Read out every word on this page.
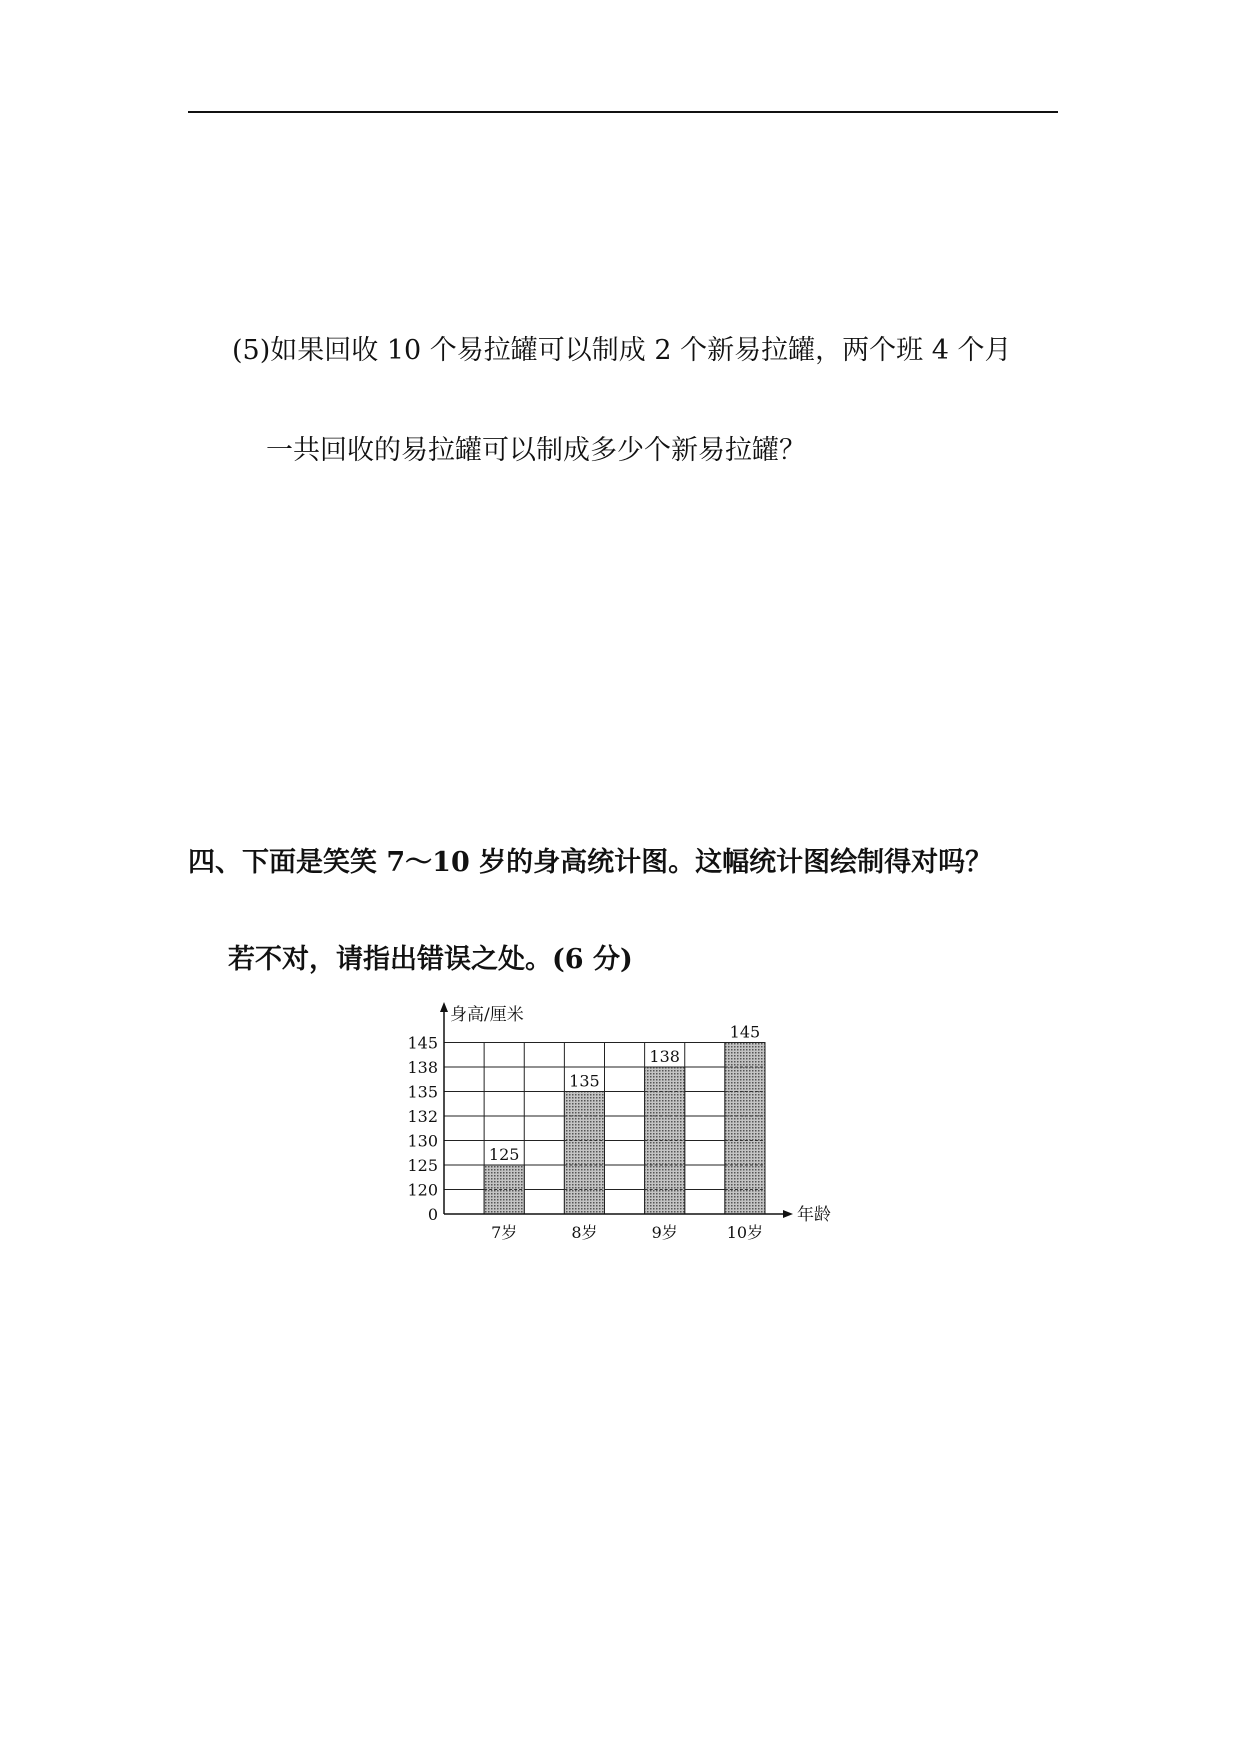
(5)如果回收 10 个易拉罐可以制成 2 个新易拉罐，两个班 4 个月
一共回收的易拉罐可以制成多少个新易拉罐？
四、下面是笑笑 7～10 岁的身高统计图。这幅统计图绘制得对吗？
若不对，请指出错误之处。(6 分)
0
120
125
130
132
135
138
145
125
7岁
135
8岁
138
9岁
145
10岁
身高/厘米
年龄
